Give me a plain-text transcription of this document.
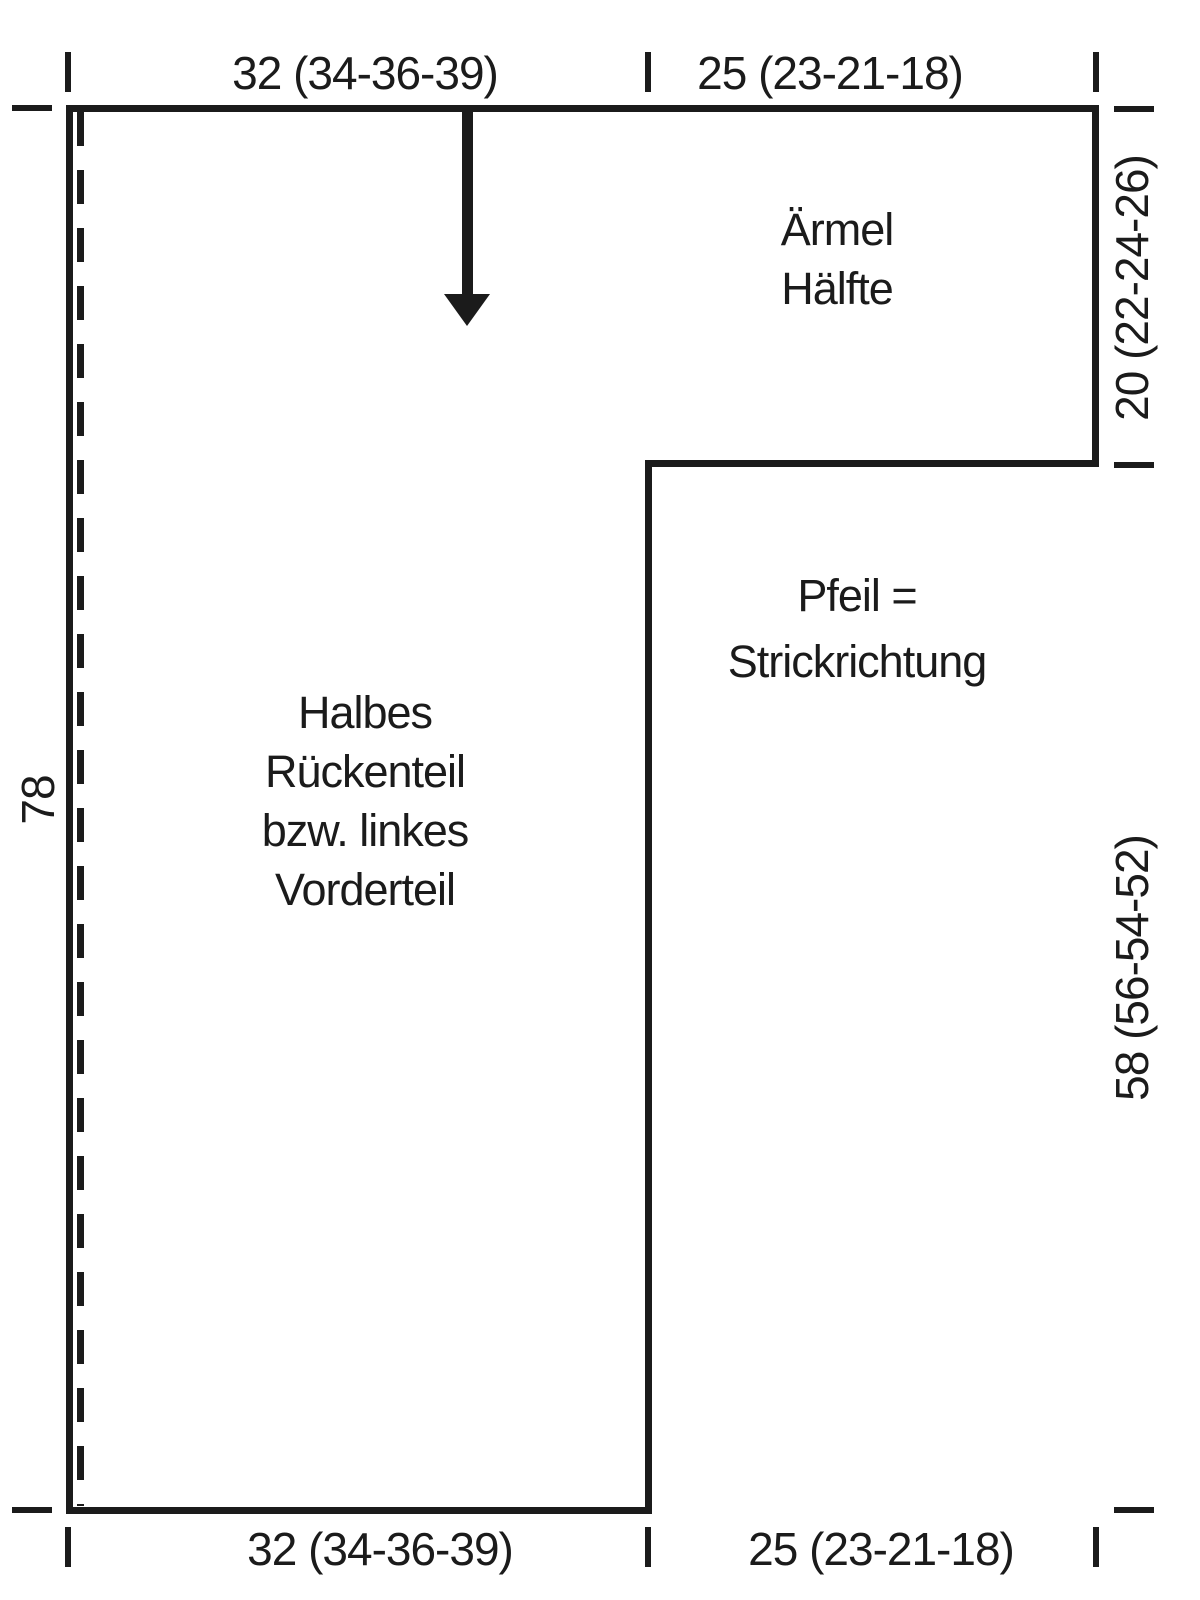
32 (34-36-39)	25 (23-21-18)
32 (34-36-39)	25 (23-21-18)
78
20 (22-24-26)
58 (56-54-52)
Ärmel
Hälfte
Halbes
Rückenteil
bzw. linkes
Vorderteil
Pfeil =
Strickrichtung
